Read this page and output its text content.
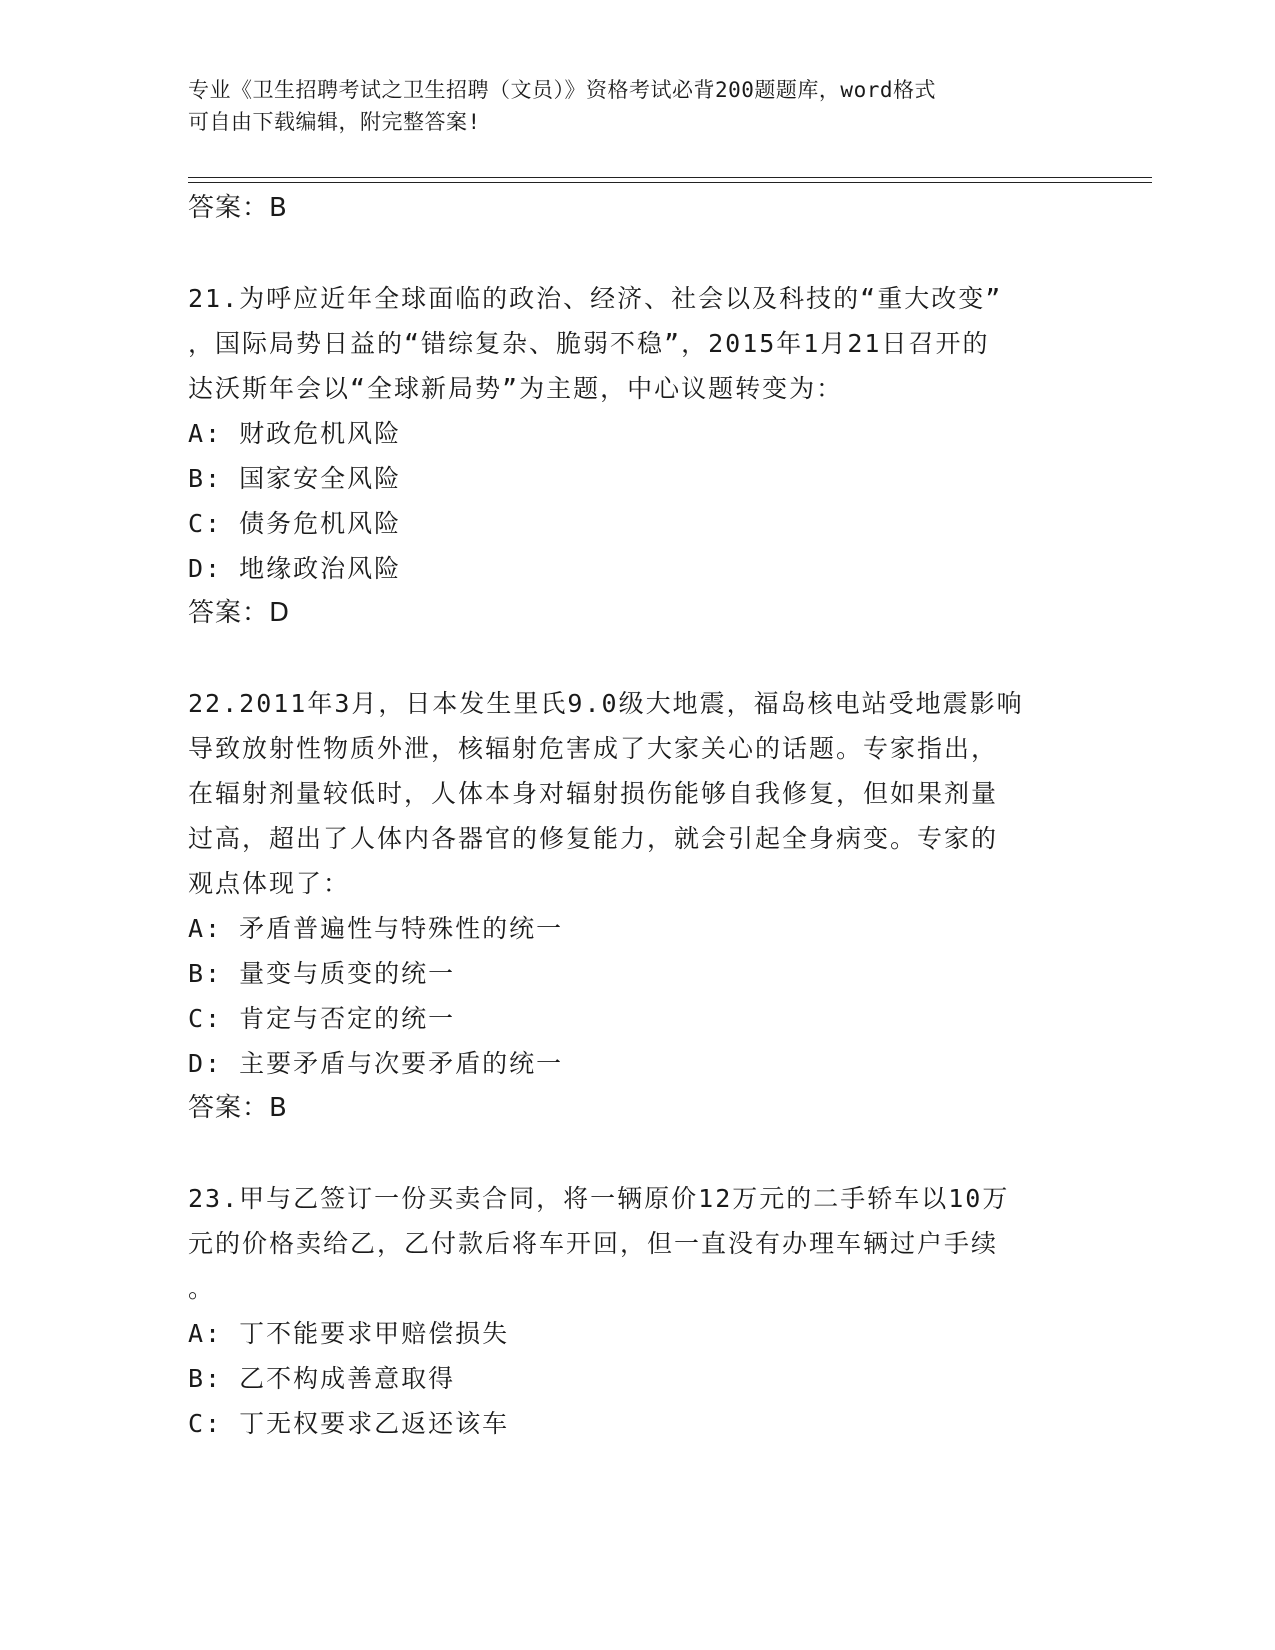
专业《卫生招聘考试之卫生招聘（文员）》资格考试必背200题题库，word格式
可自由下载编辑，附完整答案!
答案：B
21.为呼应近年全球面临的政治、经济、社会以及科技的“重大改变”
，国际局势日益的“错综复杂、脆弱不稳”，2015年1月21日召开的
达沃斯年会以“全球新局势”为主题，中心议题转变为：
A: 财政危机风险
B: 国家安全风险
C: 债务危机风险
D: 地缘政治风险
答案：D
22.2011年3月，日本发生里氏9.0级大地震，福岛核电站受地震影响
导致放射性物质外泄，核辐射危害成了大家关心的话题。专家指出，
在辐射剂量较低时，人体本身对辐射损伤能够自我修复，但如果剂量
过高，超出了人体内各器官的修复能力，就会引起全身病变。专家的
观点体现了：
A: 矛盾普遍性与特殊性的统一
B: 量变与质变的统一
C: 肯定与否定的统一
D: 主要矛盾与次要矛盾的统一
答案：B
23.甲与乙签订一份买卖合同，将一辆原价12万元的二手轿车以10万
元的价格卖给乙，乙付款后将车开回，但一直没有办理车辆过户手续
。
A: 丁不能要求甲赔偿损失
B: 乙不构成善意取得
C: 丁无权要求乙返还该车
